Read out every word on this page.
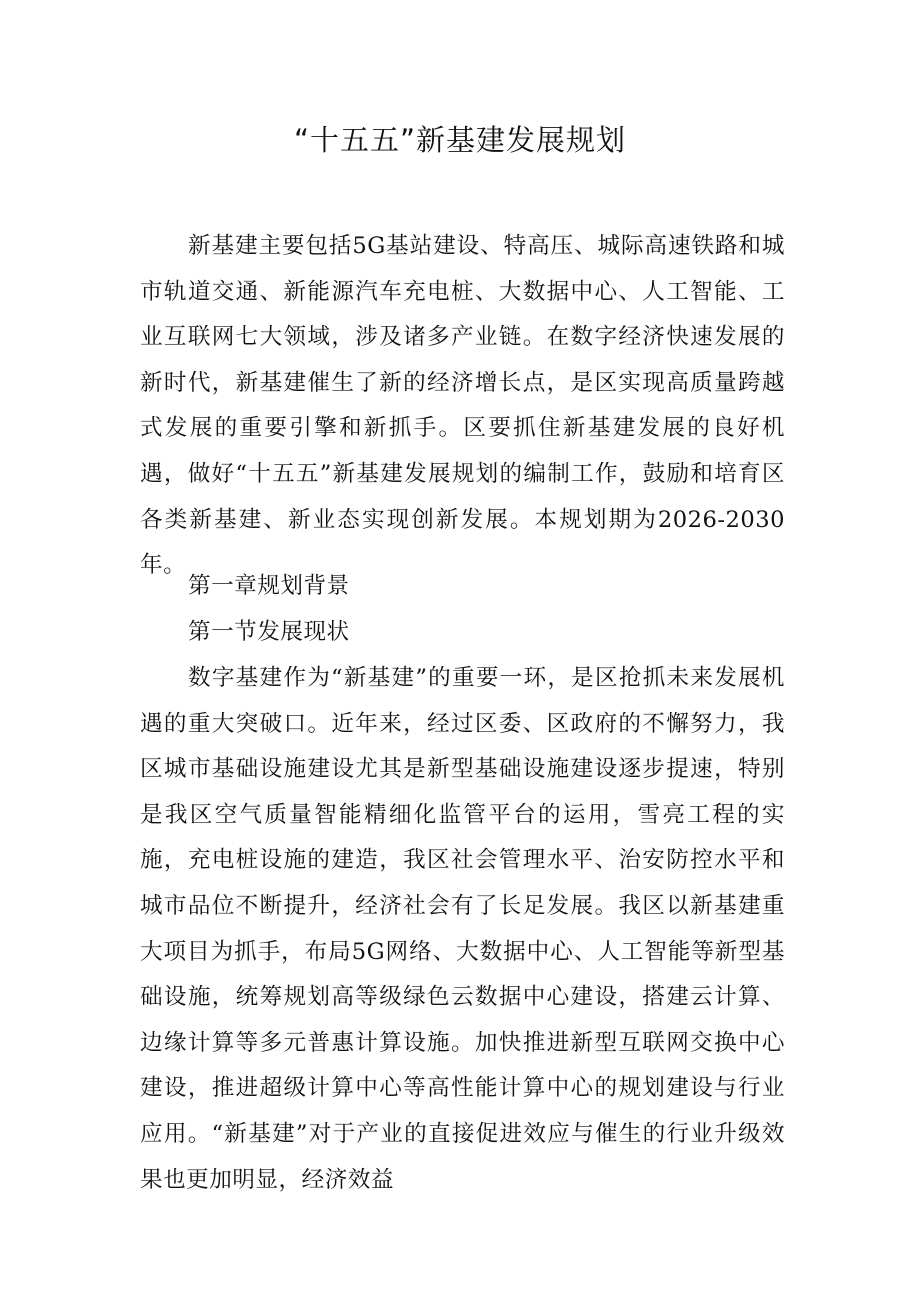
“十五五”新基建发展规划
新基建主要包括5G基站建设、特高压、城际高速铁路和城市轨道交通、新能源汽车充电桩、大数据中心、人工智能、工业互联网七大领域，涉及诸多产业链。在数字经济快速发展的新时代，新基建催生了新的经济增长点，是区实现高质量跨越式发展的重要引擎和新抓手。区要抓住新基建发展的良好机遇，做好“十五五”新基建发展规划的编制工作，鼓励和培育区各类新基建、新业态实现创新发展。本规划期为2026-2030年。
第一章规划背景
第一节发展现状
数字基建作为“新基建”的重要一环，是区抢抓未来发展机遇的重大突破口。近年来，经过区委、区政府的不懈努力，我区城市基础设施建设尤其是新型基础设施建设逐步提速，特别是我区空气质量智能精细化监管平台的运用，雪亮工程的实施，充电桩设施的建造，我区社会管理水平、治安防控水平和城市品位不断提升，经济社会有了长足发展。我区以新基建重大项目为抓手，布局5G网络、大数据中心、人工智能等新型基础设施，统筹规划高等级绿色云数据中心建设，搭建云计算、边缘计算等多元普惠计算设施。加快推进新型互联网交换中心建设，推进超级计算中心等高性能计算中心的规划建设与行业应用。“新基建”对于产业的直接促进效应与催生的行业升级效果也更加明显，经济效益
